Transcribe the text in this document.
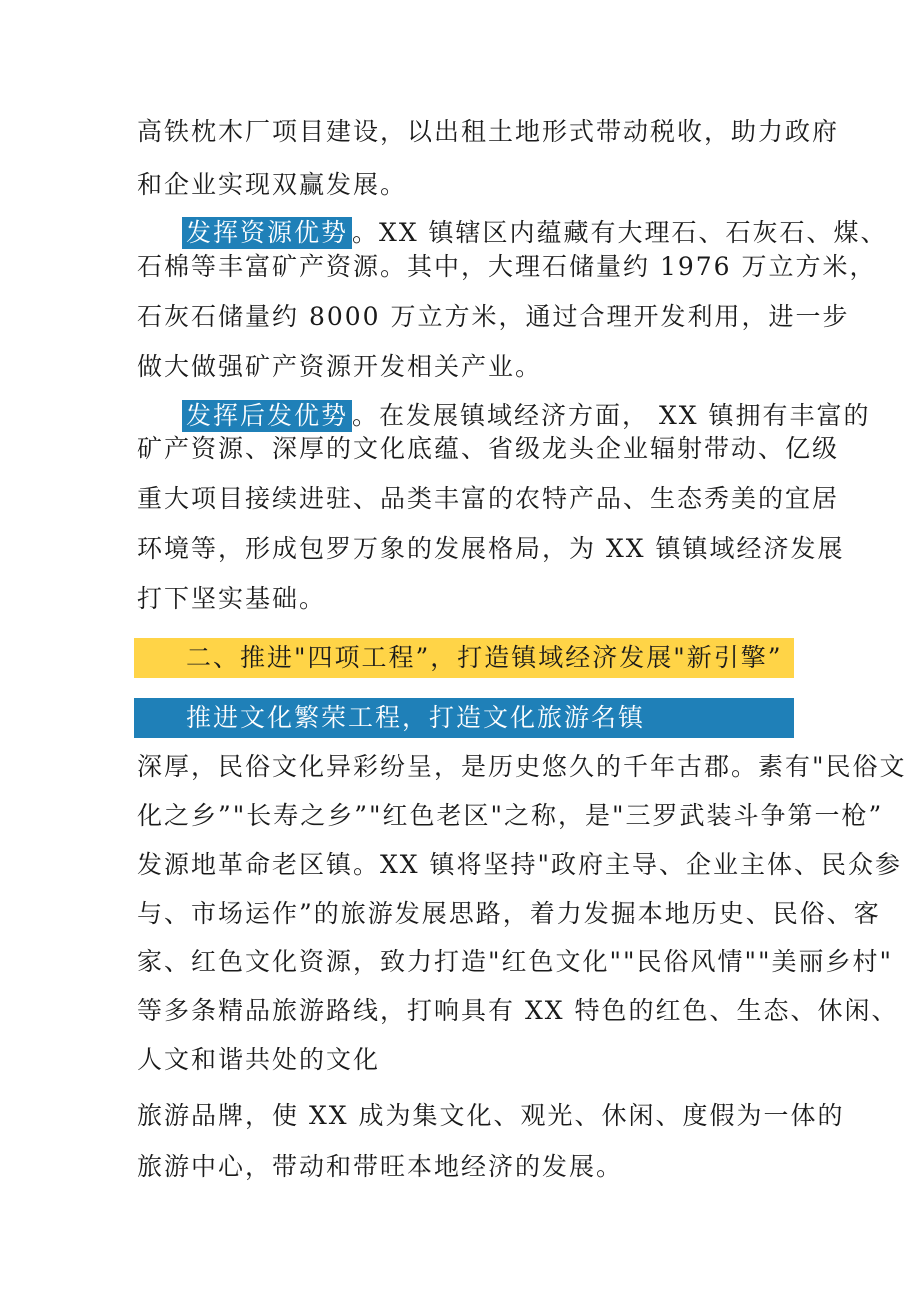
高铁枕木厂项目建设，以出租土地形式带动税收，助力政府
和企业实现双赢发展。
发挥资源优势 。XX 镇辖区内蕴藏有大理石、石灰石、煤、
石棉等丰富矿产资源。其中，大理石储量约 1976 万立方米，
石灰石储量约 8000 万立方米，通过合理开发利用，进一步
做大做强矿产资源开发相关产业。
发挥后发优势 。在发展镇域经济方面， XX 镇拥有丰富的
矿产资源、深厚的文化底蕴、省级龙头企业辐射带动、亿级
重大项目接续进驻、品类丰富的农特产品、生态秀美的宜居
环境等，形成包罗万象的发展格局，为 XX 镇镇域经济发展
打下坚实基础。
二、推进"四项工程”，打造镇域经济发展"新引擎”
推进文化繁荣工程，打造文化旅游名镇
深厚，民俗文化异彩纷呈，是历史悠久的千年古郡。素有"民俗文
化之乡”"长寿之乡”"红色老区"之称，是"三罗武装斗争第一枪”
发源地革命老区镇。XX 镇将坚持"政府主导、企业主体、民众参
与、市场运作”的旅游发展思路，着力发掘本地历史、民俗、客
家、红色文化资源，致力打造"红色文化""民俗风情""美丽乡村"
等多条精品旅游路线，打响具有 XX 特色的红色、生态、休闲、
人文和谐共处的文化
旅游品牌，使 XX 成为集文化、观光、休闲、度假为一体的
旅游中心，带动和带旺本地经济的发展。
